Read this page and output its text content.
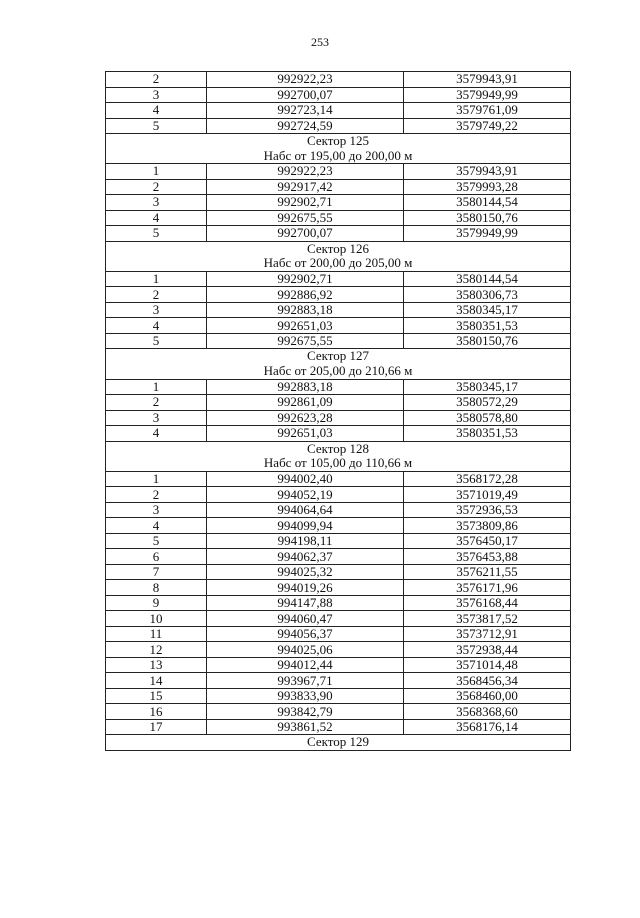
253
2	992922,23	3579943,91
3	992700,07	3579949,99
4	992723,14	3579761,09
5	992724,59	3579749,22

Сектор 125
Набс от 195,00 до 200,00 м		

1	992922,23	3579943,91
2	992917,42	3579993,28
3	992902,71	3580144,54
4	992675,55	3580150,76
5	992700,07	3579949,99

Сектор 126
Набс от 200,00 до 205,00 м		

1	992902,71	3580144,54
2	992886,92	3580306,73
3	992883,18	3580345,17
4	992651,03	3580351,53
5	992675,55	3580150,76

Сектор 127
Набс от 205,00 до 210,66 м		

1	992883,18	3580345,17
2	992861,09	3580572,29
3	992623,28	3580578,80
4	992651,03	3580351,53

Сектор 128
Набс от 105,00 до 110,66 м		

1	994002,40	3568172,28
2	994052,19	3571019,49
3	994064,64	3572936,53
4	994099,94	3573809,86
5	994198,11	3576450,17
6	994062,37	3576453,88
7	994025,32	3576211,55
8	994019,26	3576171,96
9	994147,88	3576168,44
10	994060,47	3573817,52
11	994056,37	3573712,91
12	994025,06	3572938,44
13	994012,44	3571014,48
14	993967,71	3568456,34
15	993833,90	3568460,00
16	993842,79	3568368,60
17	993861,52	3568176,14

Сектор 129		
